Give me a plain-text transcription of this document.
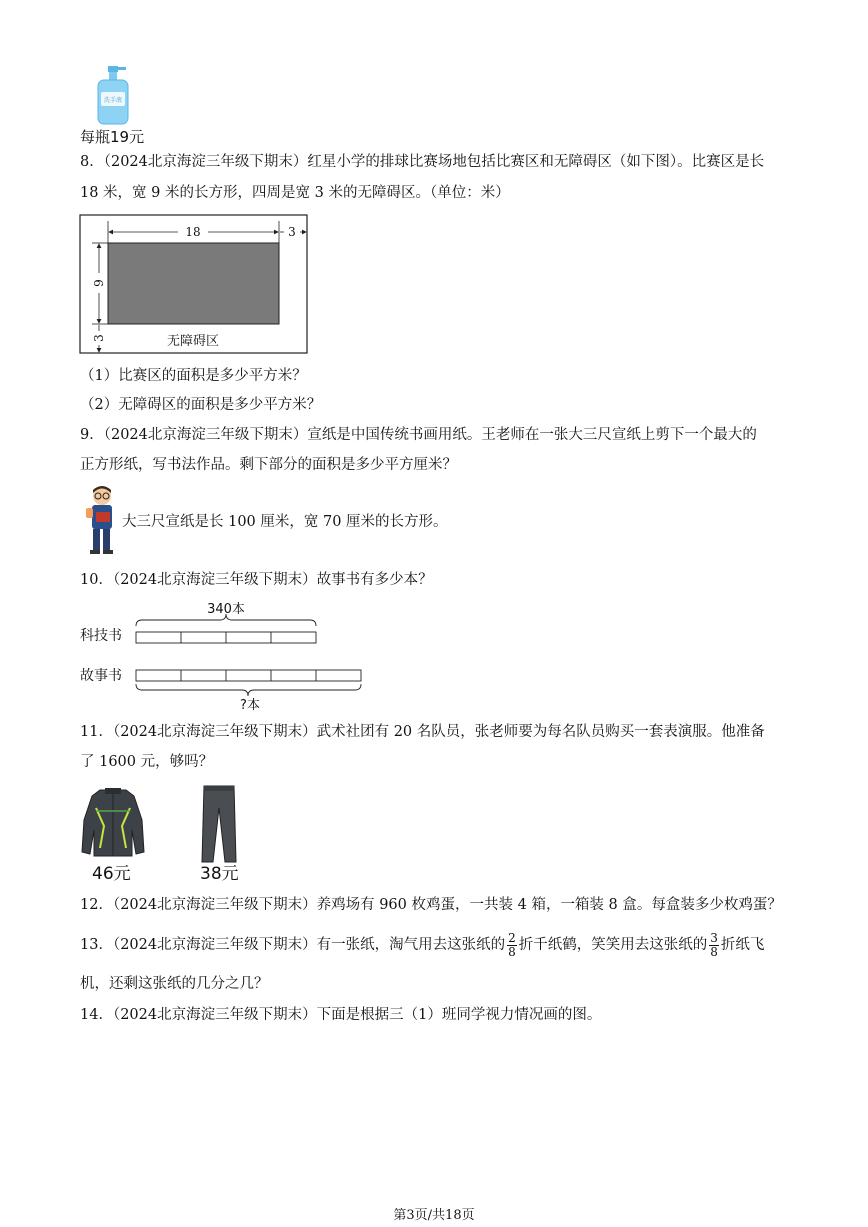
洗手液
每瓶19元
8．（2024北京海淀三年级下期末）红星小学的排球比赛场地包括比赛区和无障碍区（如下图）。比赛区是长
18 米，宽 9 米的长方形，四周是宽 3 米的无障碍区。（单位：米）
18	3
9
3	无障碍区
（1）比赛区的面积是多少平方米？
（2）无障碍区的面积是多少平方米？
9．（2024北京海淀三年级下期末）宣纸是中国传统书画用纸。王老师在一张大三尺宣纸上剪下一个最大的
正方形纸，写书法作品。剩下部分的面积是多少平方厘米？
大三尺宣纸是长 100 厘米，宽 70 厘米的长方形。
10．（2024北京海淀三年级下期末）故事书有多少本？
340本
科技书
故事书
?本
11．（2024北京海淀三年级下期末）武术社团有 20 名队员，张老师要为每名队员购买一套表演服。他准备
了 1600 元，够吗？
46元	38元
12．（2024北京海淀三年级下期末）养鸡场有 960 枚鸡蛋，一共装 4 箱，一箱装 8 盒。每盒装多少枚鸡蛋？
13．（2024北京海淀三年级下期末）有一张纸，淘气用去这张纸的 $\frac{2}{8}$ 折千纸鹤，笑笑用去这张纸的 $\frac{3}{8}$ 折纸飞
机，还剩这张纸的几分之几？
14．（2024北京海淀三年级下期末）下面是根据三（1）班同学视力情况画的图。
第3页/共18页
